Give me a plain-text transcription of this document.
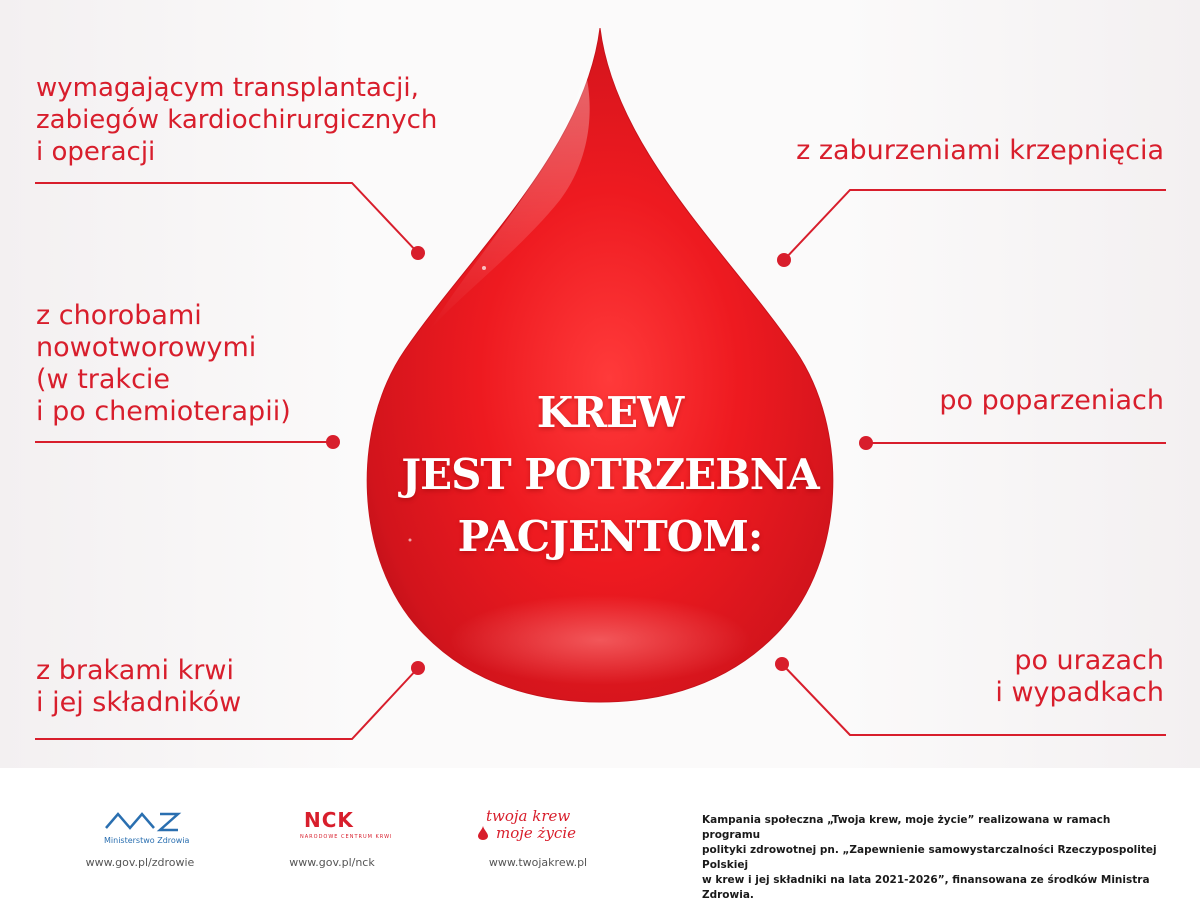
KREW
JEST POTRZEBNA
PACJENTOM:
wymagającym transplantacji,
zabiegów kardiochirurgicznych
i operacji
z chorobami
nowotworowymi
(w trakcie
i po chemioterapii)
z brakami krwi
i jej składników
z zaburzeniami krzepnięcia
po poparzeniach
po urazach
i wypadkach
Ministerstwo Zdrowia
www.gov.pl/zdrowie
NCK
NARODOWE CENTRUM KRWI
www.gov.pl/nck
twoja krew
moje życie
www.twojakrew.pl
Kampania społeczna „Twoja krew, moje życie” realizowana w ramach programu
polityki zdrowotnej pn. „Zapewnienie samowystarczalności Rzeczypospolitej Polskiej
w krew i jej składniki na lata 2021-2026”, finansowana ze środków Ministra Zdrowia.
